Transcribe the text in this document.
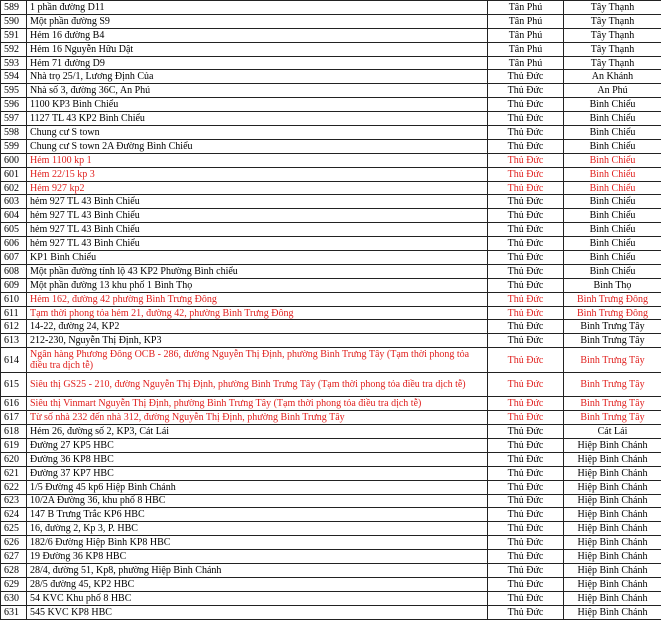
589	1 phần đường D11	Tân Phú	Tây Thạnh
590	Một phần đường S9	Tân Phú	Tây Thạnh
591	Hẻm 16 đường B4	Tân Phú	Tây Thạnh
592	Hẻm 16 Nguyễn Hữu Dật	Tân Phú	Tây Thạnh
593	Hẻm 71 đường D9	Tân Phú	Tây Thạnh
594	Nhà trọ 25/1, Lương Định Của	Thủ Đức	An Khánh
595	Nhà số 3, đường 36C, An Phú	Thủ Đức	An Phú
596	1100 KP3 Bình Chiểu	Thủ Đức	Bình Chiểu
597	1127 TL 43 KP2 Bình Chiểu	Thủ Đức	Bình Chiểu
598	Chung cư S town	Thủ Đức	Bình Chiểu
599	Chung cư S town 2A Đường Bình Chiểu	Thủ Đức	Bình Chiểu
600	Hẻm 1100 kp 1	Thủ Đức	Bình Chiểu
601	Hẻm 22/15 kp 3	Thủ Đức	Bình Chiểu
602	Hẻm 927 kp2	Thủ Đức	Bình Chiểu
603	hẻm 927 TL 43 Bình Chiểu	Thủ Đức	Bình Chiểu
604	hẻm 927 TL 43 Bình Chiểu	Thủ Đức	Bình Chiểu
605	hẻm 927 TL 43 Bình Chiểu	Thủ Đức	Bình Chiểu
606	hẻm 927 TL 43 Bình Chiểu	Thủ Đức	Bình Chiểu
607	KP1 Bình Chiểu	Thủ Đức	Bình Chiểu
608	Một phần đường tỉnh lộ 43 KP2 Phường Bình chiểu	Thủ Đức	Bình Chiểu
609	Một phần đường 13 khu phố 1 Bình Thọ	Thủ Đức	Bình Thọ
610	Hẻm 162, đường 42 phường Bình Trưng Đông	Thủ Đức	Bình Trưng Đông
611	Tạm thời phong tỏa hẻm 21, đường 42, phường Bình Trưng Đông	Thủ Đức	Bình Trưng Đông
612	14-22, đường 24, KP2	Thủ Đức	Bình Trưng Tây
613	212-230, Nguyễn Thị Định, KP3	Thủ Đức	Bình Trưng Tây
614	Ngân hàng Phương Đông OCB - 286, đường Nguyễn Thị Định, phường Bình Trưng Tây (Tạm thời phong tỏa điều tra dịch tễ)	Thủ Đức	Bình Trưng Tây
615	Siêu thị GS25 - 210, đường Nguyễn Thị Định, phường Bình Trưng Tây (Tạm thời phong tỏa điều tra dịch tễ)	Thủ Đức	Bình Trưng Tây
616	Siêu thị Vinmart Nguyễn Thị Định, phường Bình Trưng Tây (Tạm thời phong tỏa điều tra dịch tễ)	Thủ Đức	Bình Trưng Tây
617	Từ số nhà 232 đến nhà 312, đường Nguyễn Thị Định, phường Bình Trưng Tây	Thủ Đức	Bình Trưng Tây
618	Hẻm 26, đường số 2, KP3, Cát Lái	Thủ Đức	Cát Lái
619	Đường 27 KP5 HBC	Thủ Đức	Hiệp Bình Chánh
620	Đường 36 KP8 HBC	Thủ Đức	Hiệp Bình Chánh
621	Đường 37 KP7 HBC	Thủ Đức	Hiệp Bình Chánh
622	1/5 Đường 45 kp6 Hiệp Bình Chánh	Thủ Đức	Hiệp Bình Chánh
623	10/2A Đường 36, khu phố 8 HBC	Thủ Đức	Hiệp Bình Chánh
624	147 B Trưng Trắc KP6 HBC	Thủ Đức	Hiệp Bình Chánh
625	16, đường 2, Kp 3, P. HBC	Thủ Đức	Hiệp Bình Chánh
626	182/6 Đường Hiệp Bình KP8 HBC	Thủ Đức	Hiệp Bình Chánh
627	19 Đường 36 KP8 HBC	Thủ Đức	Hiệp Bình Chánh
628	28/4, đường 51, Kp8, phường Hiệp Bình Chánh	Thủ Đức	Hiệp Bình Chánh
629	28/5 đường 45, KP2 HBC	Thủ Đức	Hiệp Bình Chánh
630	54 KVC Khu phố 8 HBC	Thủ Đức	Hiệp Bình Chánh
631	545 KVC KP8 HBC	Thủ Đức	Hiệp Bình Chánh
